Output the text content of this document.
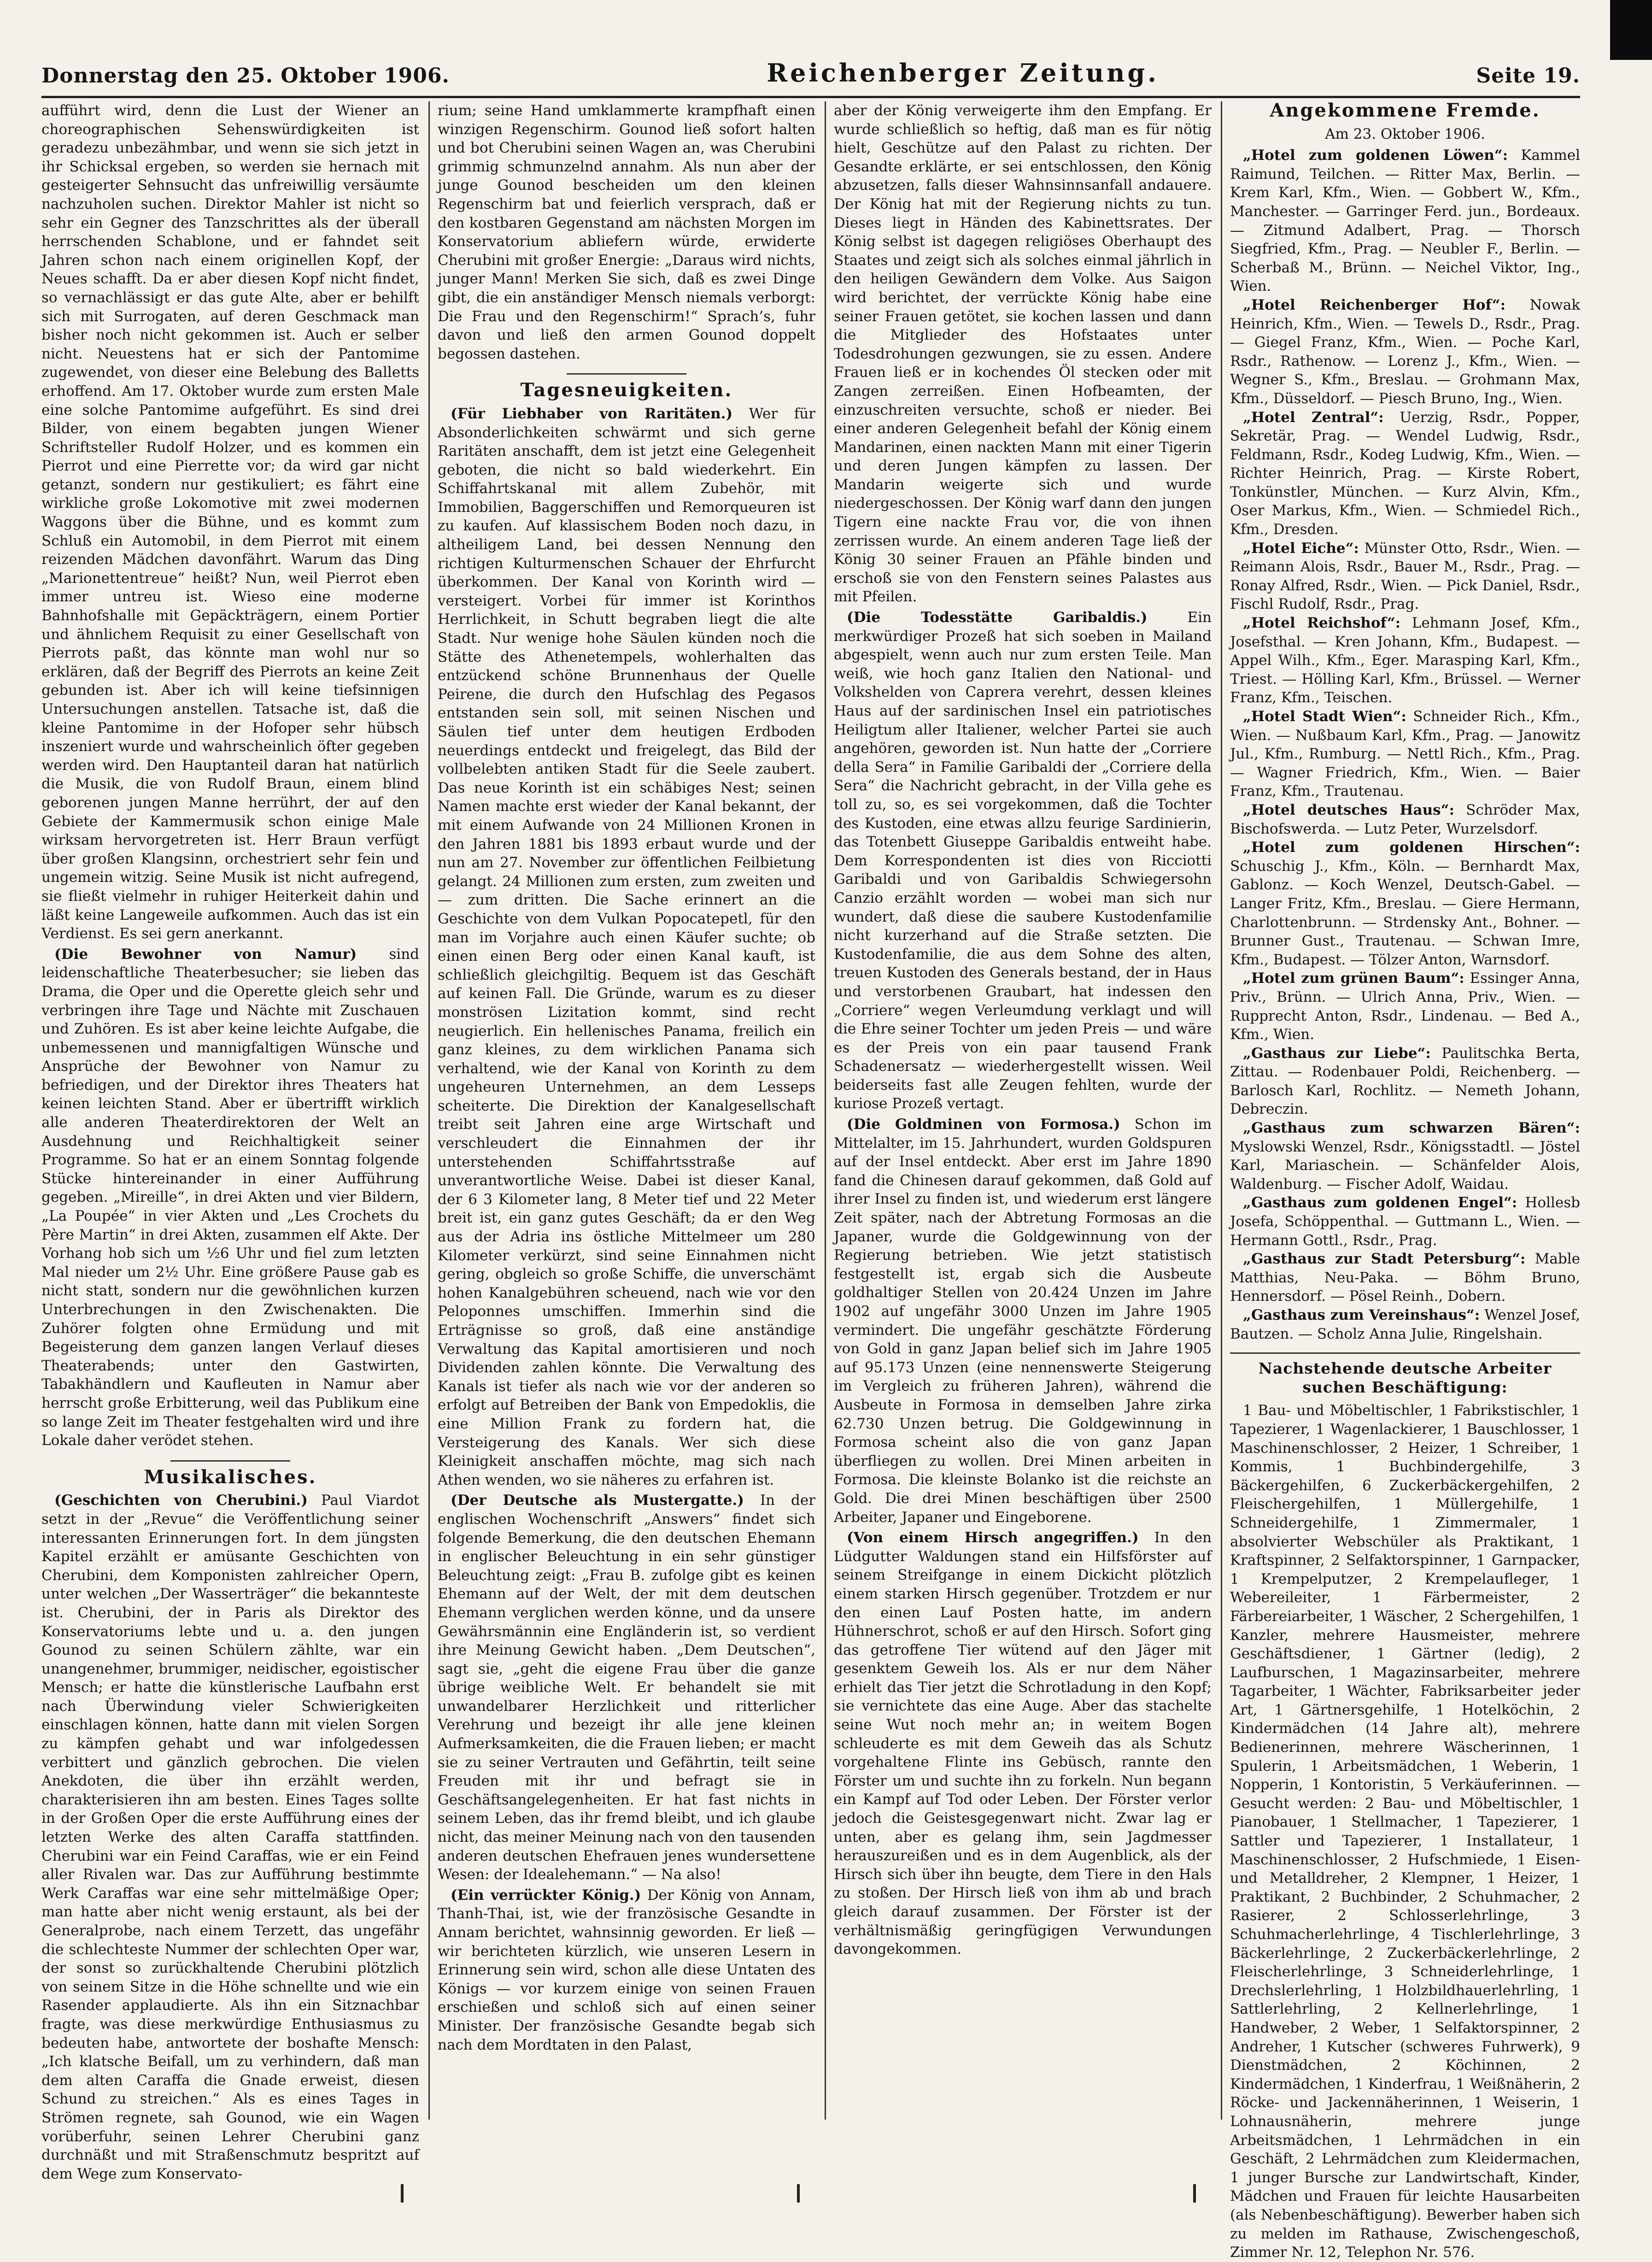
Donnerstag den 25. Oktober 1906.	Reichenberger Zeitung.	Seite 19.

aufführt wird, denn die Lust der Wiener an choreographischen Sehenswürdigkeiten ist geradezu unbezähmbar, und wenn sie sich jetzt in ihr Schicksal ergeben, so werden sie hernach mit gesteigerter Sehnsucht das unfreiwillig versäumte nachzuholen suchen. Direktor Mahler ist nicht so sehr ein Gegner des Tanzschrittes als der überall herrschenden Schablone, und er fahndet seit Jahren schon nach einem originellen Kopf, der Neues schafft. Da er aber diesen Kopf nicht findet, so vernachlässigt er das gute Alte, aber er behilft sich mit Surrogaten, auf deren Geschmack man bisher noch nicht gekommen ist. Auch er selber nicht. Neuestens hat er sich der Pantomime zugewendet, von dieser eine Belebung des Balletts erhoffend. Am 17. Oktober wurde zum ersten Male eine solche Pantomime aufgeführt. Es sind drei Bilder, von einem begabten jungen Wiener Schriftsteller Rudolf Holzer, und es kommen ein Pierrot und eine Pierrette vor; da wird gar nicht getanzt, sondern nur gestikuliert; es fährt eine wirkliche große Lokomotive mit zwei modernen Waggons über die Bühne, und es kommt zum Schluß ein Automobil, in dem Pierrot mit einem reizenden Mädchen davonfährt. Warum das Ding „Marionettentreue“ heißt? Nun, weil Pierrot eben immer untreu ist. Wieso eine moderne Bahnhofshalle mit Gepäckträgern, einem Portier und ähnlichem Requisit zu einer Gesellschaft von Pierrots paßt, das könnte man wohl nur so erklären, daß der Begriff des Pierrots an keine Zeit gebunden ist. Aber ich will keine tiefsinnigen Untersuchungen anstellen. Tatsache ist, daß die kleine Pantomime in der Hofoper sehr hübsch inszeniert wurde und wahrscheinlich öfter gegeben werden wird. Den Hauptanteil daran hat natürlich die Musik, die von Rudolf Braun, einem blind geborenen jungen Manne herrührt, der auf den Gebiete der Kammermusik schon einige Male wirksam hervorgetreten ist. Herr Braun verfügt über großen Klangsinn, orchestriert sehr fein und ungemein witzig. Seine Musik ist nicht aufregend, sie fließt vielmehr in ruhiger Heiterkeit dahin und läßt keine Langeweile aufkommen. Auch das ist ein Verdienst. Es sei gern anerkannt.

(Die Bewohner von Namur) sind leidenschaftliche Theaterbesucher; sie lieben das Drama, die Oper und die Operette gleich sehr und verbringen ihre Tage und Nächte mit Zuschauen und Zuhören. Es ist aber keine leichte Aufgabe, die unbemessenen und mannigfaltigen Wünsche und Ansprüche der Bewohner von Namur zu befriedigen, und der Direktor ihres Theaters hat keinen leichten Stand. Aber er übertrifft wirklich alle anderen Theaterdirektoren der Welt an Ausdehnung und Reichhaltigkeit seiner Programme. So hat er an einem Sonntag folgende Stücke hintereinander in einer Aufführung gegeben. „Mireille“, in drei Akten und vier Bildern, „La Poupée“ in vier Akten und „Les Crochets du Père Martin“ in drei Akten, zusammen elf Akte. Der Vorhang hob sich um ½6 Uhr und fiel zum letzten Mal nieder um 2½ Uhr. Eine größere Pause gab es nicht statt, sondern nur die gewöhnlichen kurzen Unterbrechungen in den Zwischenakten. Die Zuhörer folgten ohne Ermüdung und mit Begeisterung dem ganzen langen Verlauf dieses Theaterabends; unter den Gastwirten, Tabakhändlern und Kaufleuten in Namur aber herrscht große Erbitterung, weil das Publikum eine so lange Zeit im Theater festgehalten wird und ihre Lokale daher verödet stehen.

Musikalisches.

(Geschichten von Cherubini.) Paul Viardot setzt in der „Revue“ die Veröffentlichung seiner interessanten Erinnerungen fort. In dem jüngsten Kapitel erzählt er amüsante Geschichten von Cherubini, dem Komponisten zahlreicher Opern, unter welchen „Der Wasserträger“ die bekannteste ist. Cherubini, der in Paris als Direktor des Konservatoriums lebte und u. a. den jungen Gounod zu seinen Schülern zählte, war ein unangenehmer, brummiger, neidischer, egoistischer Mensch; er hatte die künstlerische Laufbahn erst nach Überwindung vieler Schwierigkeiten einschlagen können, hatte dann mit vielen Sorgen zu kämpfen gehabt und war infolgedessen verbittert und gänzlich gebrochen. Die vielen Anekdoten, die über ihn erzählt werden, charakterisieren ihn am besten. Eines Tages sollte in der Großen Oper die erste Aufführung eines der letzten Werke des alten Caraffa stattfinden. Cherubini war ein Feind Caraffas, wie er ein Feind aller Rivalen war. Das zur Aufführung bestimmte Werk Caraffas war eine sehr mittelmäßige Oper; man hatte aber nicht wenig erstaunt, als bei der Generalprobe, nach einem Terzett, das ungefähr die schlechteste Nummer der schlechten Oper war, der sonst so zurückhaltende Cherubini plötzlich von seinem Sitze in die Höhe schnellte und wie ein Rasender applaudierte. Als ihn ein Sitznachbar fragte, was diese merkwürdige Enthusiasmus zu bedeuten habe, antwortete der boshafte Mensch: „Ich klatsche Beifall, um zu verhindern, daß man dem alten Caraffa die Gnade erweist, diesen Schund zu streichen.“ Als es eines Tages in Strömen regnete, sah Gounod, wie ein Wagen vorüberfuhr, seinen Lehrer Cherubini ganz durchnäßt und mit Straßenschmutz bespritzt auf dem Wege zum Konservato-

rium; seine Hand umklammerte krampfhaft einen winzigen Regenschirm. Gounod ließ sofort halten und bot Cherubini seinen Wagen an, was Cherubini grimmig schmunzelnd annahm. Als nun aber der junge Gounod bescheiden um den kleinen Regenschirm bat und feierlich versprach, daß er den kostbaren Gegenstand am nächsten Morgen im Konservatorium abliefern würde, erwiderte Cherubini mit großer Energie: „Daraus wird nichts, junger Mann! Merken Sie sich, daß es zwei Dinge gibt, die ein anständiger Mensch niemals verborgt: Die Frau und den Regenschirm!“ Sprach’s, fuhr davon und ließ den armen Gounod doppelt begossen dastehen.

Tagesneuigkeiten.

(Für Liebhaber von Raritäten.) Wer für Absonderlichkeiten schwärmt und sich gerne Raritäten anschafft, dem ist jetzt eine Gelegenheit geboten, die nicht so bald wiederkehrt. Ein Schiffahrtskanal mit allem Zubehör, mit Immobilien, Baggerschiffen und Remorqueuren ist zu kaufen. Auf klassischem Boden noch dazu, in altheiligem Land, bei dessen Nennung den richtigen Kulturmenschen Schauer der Ehrfurcht überkommen. Der Kanal von Korinth wird — versteigert. Vorbei für immer ist Korinthos Herrlichkeit, in Schutt begraben liegt die alte Stadt. Nur wenige hohe Säulen künden noch die Stätte des Athenetempels, wohlerhalten das entzückend schöne Brunnenhaus der Quelle Peirene, die durch den Hufschlag des Pegasos entstanden sein soll, mit seinen Nischen und Säulen tief unter dem heutigen Erdboden neuerdings entdeckt und freigelegt, das Bild der vollbelebten antiken Stadt für die Seele zaubert. Das neue Korinth ist ein schäbiges Nest; seinen Namen machte erst wieder der Kanal bekannt, der mit einem Aufwande von 24 Millionen Kronen in den Jahren 1881 bis 1893 erbaut wurde und der nun am 27. November zur öffentlichen Feilbietung gelangt. 24 Millionen zum ersten, zum zweiten und — zum dritten. Die Sache erinnert an die Geschichte von dem Vulkan Popocatepetl, für den man im Vorjahre auch einen Käufer suchte; ob einen einen Berg oder einen Kanal kauft, ist schließlich gleichgiltig. Bequem ist das Geschäft auf keinen Fall. Die Gründe, warum es zu dieser monströsen Lizitation kommt, sind recht neugierlich. Ein hellenisches Panama, freilich ein ganz kleines, zu dem wirklichen Panama sich verhaltend, wie der Kanal von Korinth zu dem ungeheuren Unternehmen, an dem Lesseps scheiterte. Die Direktion der Kanalgesellschaft treibt seit Jahren eine arge Wirtschaft und verschleudert die Einnahmen der ihr unterstehenden Schiffahrtsstraße auf unverantwortliche Weise. Dabei ist dieser Kanal, der 6 3 Kilometer lang, 8 Meter tief und 22 Meter breit ist, ein ganz gutes Geschäft; da er den Weg aus der Adria ins östliche Mittelmeer um 280 Kilometer verkürzt, sind seine Einnahmen nicht gering, obgleich so große Schiffe, die unverschämt hohen Kanalgebühren scheuend, nach wie vor den Peloponnes umschiffen. Immerhin sind die Erträgnisse so groß, daß eine anständige Verwaltung das Kapital amortisieren und noch Dividenden zahlen könnte. Die Verwaltung des Kanals ist tiefer als nach wie vor der anderen so erfolgt auf Betreiben der Bank von Empedoklis, die eine Million Frank zu fordern hat, die Versteigerung des Kanals. Wer sich diese Kleinigkeit anschaffen möchte, mag sich nach Athen wenden, wo sie näheres zu erfahren ist.

(Der Deutsche als Mustergatte.) In der englischen Wochenschrift „Answers“ findet sich folgende Bemerkung, die den deutschen Ehemann in englischer Beleuchtung in ein sehr günstiger Beleuchtung zeigt: „Frau B. zufolge gibt es keinen Ehemann auf der Welt, der mit dem deutschen Ehemann verglichen werden könne, und da unsere Gewährsmännin eine Engländerin ist, so verdient ihre Meinung Gewicht haben. „Dem Deutschen“, sagt sie, „geht die eigene Frau über die ganze übrige weibliche Welt. Er behandelt sie mit unwandelbarer Herzlichkeit und ritterlicher Verehrung und bezeigt ihr alle jene kleinen Aufmerksamkeiten, die die Frauen lieben; er macht sie zu seiner Vertrauten und Gefährtin, teilt seine Freuden mit ihr und befragt sie in Geschäftsangelegenheiten. Er hat fast nichts in seinem Leben, das ihr fremd bleibt, und ich glaube nicht, das meiner Meinung nach von den tausenden anderen deutschen Ehefrauen jenes wundersettene Wesen: der Idealehemann.“ — Na also!

(Ein verrückter König.) Der König von Annam, Thanh-Thai, ist, wie der französische Gesandte in Annam berichtet, wahnsinnig geworden. Er ließ — wir berichteten kürzlich, wie unseren Lesern in Erinnerung sein wird, schon alle diese Untaten des Königs — vor kurzem einige von seinen Frauen erschießen und schloß sich auf einen seiner Minister. Der französische Gesandte begab sich nach dem Mordtaten in den Palast,

aber der König verweigerte ihm den Empfang. Er wurde schließlich so heftig, daß man es für nötig hielt, Geschütze auf den Palast zu richten. Der Gesandte erklärte, er sei entschlossen, den König abzusetzen, falls dieser Wahnsinnsanfall andauere. Der König hat mit der Regierung nichts zu tun. Dieses liegt in Händen des Kabinettsrates. Der König selbst ist dagegen religiöses Oberhaupt des Staates und zeigt sich als solches einmal jährlich in den heiligen Gewändern dem Volke. Aus Saigon wird berichtet, der verrückte König habe eine seiner Frauen getötet, sie kochen lassen und dann die Mitglieder des Hofstaates unter Todesdrohungen gezwungen, sie zu essen. Andere Frauen ließ er in kochendes Öl stecken oder mit Zangen zerreißen. Einen Hofbeamten, der einzuschreiten versuchte, schoß er nieder. Bei einer anderen Gelegenheit befahl der König einem Mandarinen, einen nackten Mann mit einer Tigerin und deren Jungen kämpfen zu lassen. Der Mandarin weigerte sich und wurde niedergeschossen. Der König warf dann den jungen Tigern eine nackte Frau vor, die von ihnen zerrissen wurde. An einem anderen Tage ließ der König 30 seiner Frauen an Pfähle binden und erschoß sie von den Fenstern seines Palastes aus mit Pfeilen.

(Die Todesstätte Garibaldis.)	Ein merkwürdiger Prozeß hat sich soeben in Mailand abgespielt, wenn auch nur zum ersten Teile. Man weiß, wie hoch ganz Italien den National- und Volkshelden von Caprera verehrt, dessen kleines Haus auf der sardinischen Insel ein patriotisches Heiligtum aller Italiener, welcher Partei sie auch angehören, geworden ist. Nun hatte der „Corriere della Sera“ in Familie Garibaldi der „Corriere della Sera“ die Nachricht gebracht, in der Villa gehe es toll zu, so, es sei vorgekommen, daß die Tochter des Kustoden, eine etwas allzu feurige Sardinierin, das Totenbett Giuseppe Garibaldis entweiht habe. Dem Korrespondenten ist dies von Ricciotti Garibaldi und von Garibaldis Schwiegersohn Canzio erzählt worden — wobei man sich nur wundert, daß diese die saubere Kustodenfamilie nicht kurzerhand auf die Straße setzten. Die Kustodenfamilie, die aus dem Sohne des alten, treuen Kustoden des Generals bestand, der in Haus und verstorbenen Graubart, hat indessen den „Corriere“ wegen Verleumdung verklagt und will die Ehre seiner Tochter um jeden Preis — und wäre es der Preis von ein paar tausend Frank Schadenersatz — wiederhergestellt wissen. Weil beiderseits fast alle Zeugen fehlten, wurde der kuriose Prozeß vertagt.

(Die Goldminen von Formosa.) Schon im Mittelalter, im 15. Jahrhundert, wurden Goldspuren auf der Insel entdeckt. Aber erst im Jahre 1890 fand die Chinesen darauf gekommen, daß Gold auf ihrer Insel zu finden ist, und wiederum erst längere Zeit später, nach der Abtretung Formosas an die Japaner, wurde die Goldgewinnung von der Regierung betrieben. Wie jetzt statistisch festgestellt ist, ergab sich die Ausbeute goldhaltiger Stellen von 20.424 Unzen im Jahre 1902 auf ungefähr 3000 Unzen im Jahre 1905 vermindert. Die ungefähr geschätzte Förderung von Gold in ganz Japan belief sich im Jahre 1905 auf 95.173 Unzen (eine nennenswerte Steigerung im Vergleich zu früheren Jahren), während die Ausbeute in Formosa in demselben Jahre zirka 62.730 Unzen betrug. Die Goldgewinnung in Formosa scheint also die von ganz Japan überfliegen zu wollen. Drei Minen arbeiten in Formosa. Die kleinste Bolanko ist die reichste an Gold. Die drei Minen beschäftigen über 2500 Arbeiter, Japaner und Eingeborene.

(Von einem Hirsch angegriffen.) In den Lüdgutter Waldungen stand ein Hilfsförster auf seinem Streifgange in einem Dickicht plötzlich einem starken Hirsch gegenüber. Trotzdem er nur den einen Lauf Posten hatte, im andern Hühnerschrot, schoß er auf den Hirsch. Sofort ging das getroffene Tier wütend auf den Jäger mit gesenktem Geweih los. Als er nur dem Näher erhielt das Tier jetzt die Schrotladung in den Kopf; sie vernichtete das eine Auge. Aber das stachelte seine Wut noch mehr an; in weitem Bogen schleuderte es mit dem Geweih das als Schutz vorgehaltene Flinte ins Gebüsch, rannte den Förster um und suchte ihn zu forkeln. Nun begann ein Kampf auf Tod oder Leben. Der Förster verlor jedoch die Geistesgegenwart nicht. Zwar lag er unten, aber es gelang ihm, sein Jagdmesser herauszureißen und es in dem Augenblick, als der Hirsch sich über ihn beugte, dem Tiere in den Hals zu stoßen. Der Hirsch ließ von ihm ab und brach gleich darauf zusammen. Der Förster ist der verhältnismäßig geringfügigen Verwundungen davongekommen.

Angekommene Fremde.
Am 23. Oktober 1906.

„Hotel zum goldenen Löwen“: Kammel Raimund, Teilchen. — Ritter Max, Berlin. — Krem Karl, Kfm., Wien. — Gobbert W., Kfm., Manchester. — Garringer Ferd. jun., Bordeaux. — Zitmund Adalbert, Prag. — Thorsch Siegfried, Kfm., Prag. — Neubler F., Berlin. — Scherbaß M., Brünn. — Neichel Viktor, Ing., Wien.

„Hotel Reichenberger Hof“: Nowak Heinrich, Kfm., Wien. — Tewels D., Rsdr., Prag. — Giegel Franz, Kfm., Wien. — Poche Karl, Rsdr., Rathenow. — Lorenz J., Kfm., Wien. — Wegner S., Kfm., Breslau. — Grohmann Max, Kfm., Düsseldorf. — Piesch Bruno, Ing., Wien.

„Hotel Zentral“: Uerzig, Rsdr., Popper, Sekretär, Prag. — Wendel Ludwig, Rsdr., Feldmann, Rsdr., Kodeg Ludwig, Kfm., Wien. — Richter Heinrich, Prag. — Kirste Robert, Tonkünstler, München. — Kurz Alvin, Kfm., Oser Markus, Kfm., Wien. — Schmiedel Rich., Kfm., Dresden.

„Hotel Eiche“: Münster Otto, Rsdr., Wien. — Reimann Alois, Rsdr., Bauer M., Rsdr., Prag. — Ronay Alfred, Rsdr., Wien. — Pick Daniel, Rsdr., Fischl Rudolf, Rsdr., Prag.

„Hotel Reichshof“: Lehmann Josef, Kfm., Josefsthal. — Kren Johann, Kfm., Budapest. — Appel Wilh., Kfm., Eger. Marasping Karl, Kfm., Triest. — Hölling Karl, Kfm., Brüssel. — Werner Franz, Kfm., Teischen.

„Hotel Stadt Wien“: Schneider Rich., Kfm., Wien. — Nußbaum Karl, Kfm., Prag. — Janowitz Jul., Kfm., Rumburg. — Nettl Rich., Kfm., Prag. — Wagner Friedrich, Kfm., Wien. — Baier Franz, Kfm., Trautenau.

„Hotel deutsches Haus“: Schröder Max, Bischofswerda. — Lutz Peter, Wurzelsdorf.

„Hotel zum goldenen Hirschen“: Schuschig J., Kfm., Köln. — Bernhardt Max, Gablonz. — Koch Wenzel, Deutsch-Gabel. — Langer Fritz, Kfm., Breslau. — Giere Hermann, Charlottenbrunn. — Strdensky Ant., Bohner. — Brunner Gust., Trautenau. — Schwan Imre, Kfm., Budapest. — Tölzer Anton, Warnsdorf.

„Hotel zum grünen Baum“: Essinger Anna, Priv., Brünn. — Ulrich Anna, Priv., Wien. — Rupprecht Anton, Rsdr., Lindenau. — Bed A., Kfm., Wien.

„Gasthaus zur Liebe“: Paulitschka Berta, Zittau. — Rodenbauer Poldi, Reichenberg. — Barlosch Karl, Rochlitz. — Nemeth Johann, Debreczin.

„Gasthaus zum schwarzen Bären“: Myslowski Wenzel, Rsdr., Königsstadtl. — Jöstel Karl, Mariaschein. — Schänfelder Alois, Waldenburg. — Fischer Adolf, Waidau.

„Gasthaus zum goldenen Engel“: Hollesb Josefa, Schöppenthal. — Guttmann L., Wien. — Hermann Gottl., Rsdr., Prag.

„Gasthaus zur Stadt Petersburg“: Mable Matthias, Neu-Paka. — Böhm Bruno, Hennersdorf. — Pösel Reinh., Dobern.

„Gasthaus zum Vereinshaus“: Wenzel Josef, Bautzen. — Scholz Anna Julie, Ringelshain.

Nachstehende deutsche Arbeiter suchen Beschäftigung:

1 Bau- und Möbeltischler, 1 Fabrikstischler, 1 Tapezierer, 1 Wagenlackierer, 1 Bauschlosser, 1 Maschinenschlosser, 2 Heizer, 1 Schreiber, 1 Kommis, 1 Buchbindergehilfe, 3 Bäckergehilfen, 6 Zuckerbäckergehilfen, 2 Fleischergehilfen, 1 Müllergehilfe, 1 Schneidergehilfe, 1 Zimmermaler, 1 absolvierter Webschüler als Praktikant, 1 Kraftspinner, 2 Selfaktorspinner, 1 Garnpacker, 1 Krempelputzer, 2 Krempelaufleger, 1 Webereileiter, 1 Färbermeister, 2 Färbereiarbeiter, 1 Wäscher, 2 Schergehilfen, 1 Kanzler, mehrere Hausmeister, mehrere Geschäftsdiener, 1 Gärtner (ledig), 2 Laufburschen, 1 Magazinsarbeiter, mehrere Tagarbeiter, 1 Wächter, Fabriksarbeiter jeder Art, 1 Gärtnersgehilfe, 1 Hotelköchin, 2 Kindermädchen (14 Jahre alt), mehrere Bedienerinnen, mehrere Wäscherinnen, 1 Spulerin, 1 Arbeitsmädchen, 1 Weberin, 1 Nopperin, 1 Kontoristin, 5 Verkäuferinnen. — Gesucht werden: 2 Bau- und Möbeltischler, 1 Pianobauer, 1 Stellmacher, 1 Tapezierer, 1 Sattler und Tapezierer, 1 Installateur, 1 Maschinenschlosser, 2 Hufschmiede, 1 Eisen- und Metalldreher, 2 Klempner, 1 Heizer, 1 Praktikant, 2 Buchbinder, 2 Schuhmacher, 2 Rasierer, 2 Schlosserlehrlinge, 3 Schuhmacherlehrlinge, 4 Tischlerlehrlinge, 3 Bäckerlehrlinge, 2 Zuckerbäckerlehrlinge, 2 Fleischerlehrlinge, 3 Schneiderlehrlinge, 1 Drechslerlehrling, 1 Holzbildhauerlehrling, 1 Sattlerlehrling, 2 Kellnerlehrlinge, 1 Handweber, 2 Weber, 1 Selfaktorspinner, 2 Andreher, 1 Kutscher (schweres Fuhrwerk), 9 Dienstmädchen, 2 Köchinnen, 2 Kindermädchen, 1 Kinderfrau, 1 Weißnäherin, 2 Röcke- und Jackennäherinnen, 1 Weiserin, 1 Lohnausnäherin, mehrere junge Arbeitsmädchen, 1 Lehrmädchen in ein Geschäft, 2 Lehrmädchen zum Kleidermachen, 1 junger Bursche zur Landwirtschaft, Kinder, Mädchen und Frauen für leichte Hausarbeiten (als Nebenbeschäftigung). Bewerber haben sich zu melden im Rathause, Zwischengeschoß, Zimmer Nr. 12, Telephon Nr. 576.
